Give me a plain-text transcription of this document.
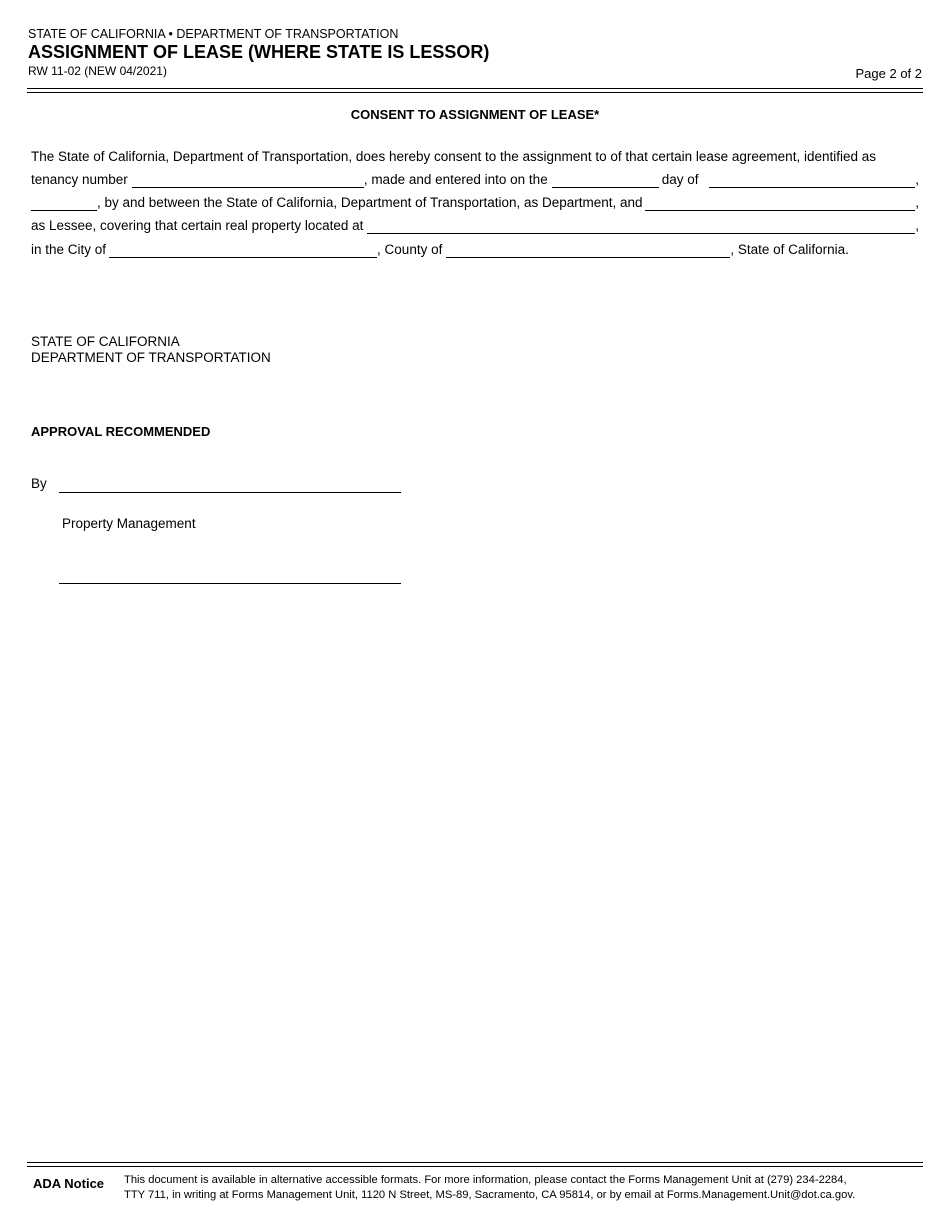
STATE OF CALIFORNIA • DEPARTMENT OF TRANSPORTATION
ASSIGNMENT OF LEASE (WHERE STATE IS LESSOR)
RW 11-02 (NEW 04/2021)	Page 2 of 2
CONSENT TO ASSIGNMENT OF LEASE*
The State of California, Department of Transportation, does hereby consent to the assignment to of that certain lease agreement, identified as
tenancy number	, made and entered into on the	day of	,
, by and between the State of California, Department of Transportation, as Department, and	,
as Lessee, covering that certain real property located at	,
in the City of	, County of	, State of California.
STATE OF CALIFORNIA
DEPARTMENT OF TRANSPORTATION
APPROVAL RECOMMENDED
By
Property Management
ADA Notice This document is available in alternative accessible formats. For more information, please contact the Forms Management Unit at (279) 234-2284,
TTY 711, in writing at Forms Management Unit, 1120 N Street, MS-89, Sacramento, CA 95814, or by email at Forms.Management.Unit@dot.ca.gov.
